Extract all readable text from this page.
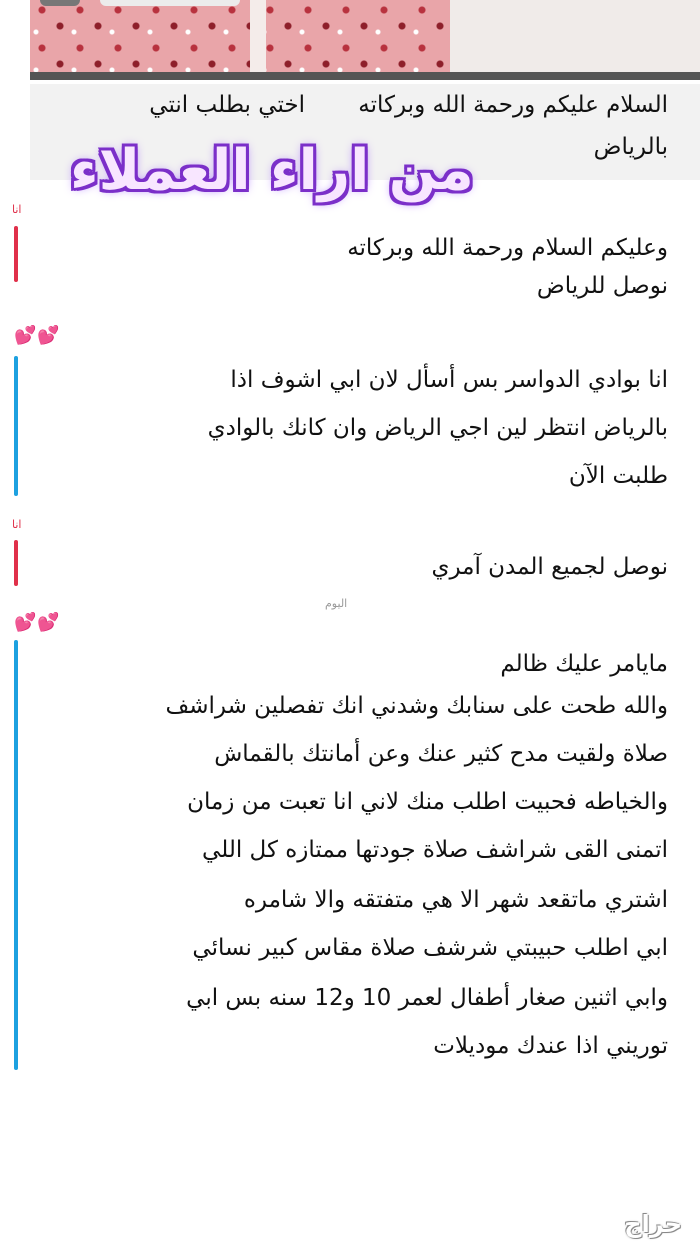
السلام عليكم ورحمة الله وبركاته
اختي بطلب انتي
بالرياض
من اراء العملاء
انا
وعليكم السلام ورحمة الله وبركاته
نوصل للرياض
💕💕
انا بوادي الدواسر بس أسأل لان ابي اشوف اذا
بالرياض انتظر لين اجي الرياض وان كانك بالوادي
طلبت الآن
انا
نوصل لجميع المدن آمري
اليوم
💕💕
مايامر عليك ظالم
والله طحت على سنابك وشدني انك تفصلين شراشف
صلاة ولقيت مدح كثير عنك وعن أمانتك بالقماش
والخياطه فحبيت اطلب منك لاني انا تعبت من زمان
اتمنى القى شراشف صلاة جودتها ممتازه كل اللي
اشتري ماتقعد شهر الا هي متفتقه والا شامره
ابي اطلب حبيبتي شرشف صلاة مقاس كبير نسائي
وابي اثنين صغار أطفال لعمر 10 و12 سنه بس ابي
توريني اذا عندك موديلات
حراج
